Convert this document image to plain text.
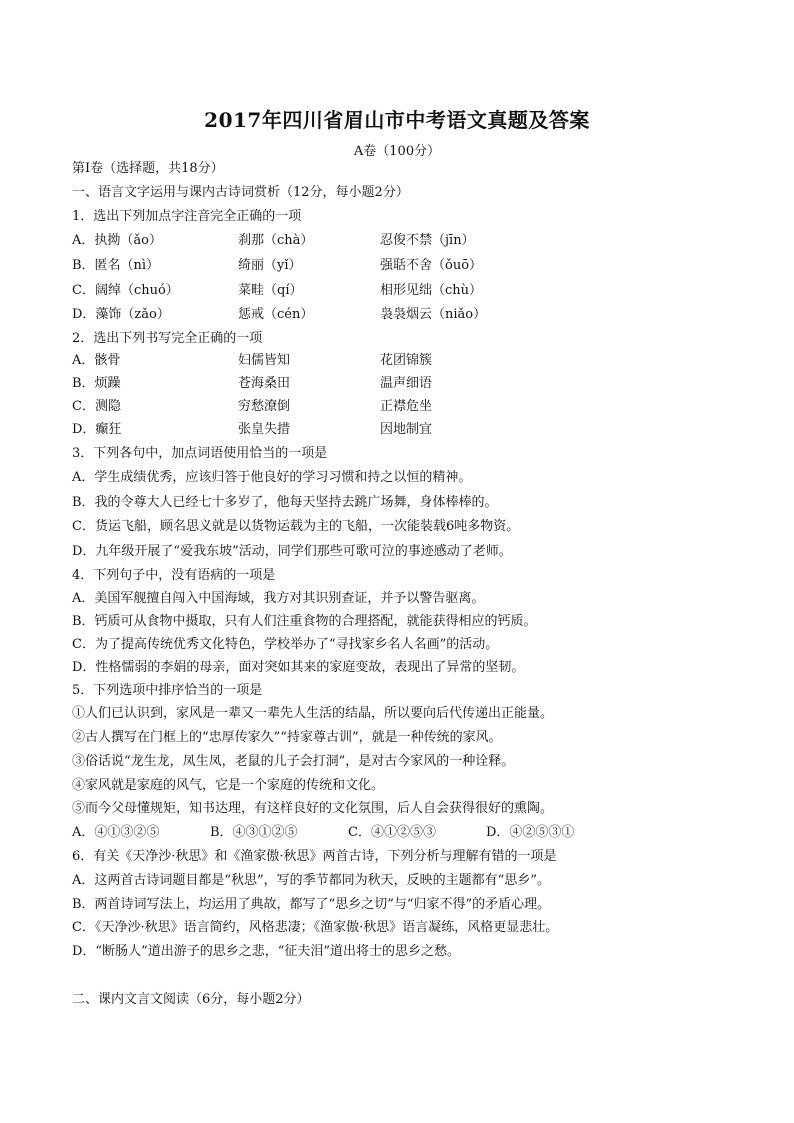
2017年四川省眉山市中考语文真题及答案
A卷（100分）
第Ⅰ卷（选择题，共18分）
一、语言文字运用与课内古诗词赏析（12分，每小题2分）
1．选出下列加点字注音完全正确的一项
A．执拗（ǎo）	刹那（chà）	忍俊不禁（jīn）
B．匿名（nì）	绮丽（yǐ）	强聒不舍（ǒuō）
C．阔绰（chuó）	菜畦（qí）	相形见绌（chù）
D．藻饰（zǎo）	惩戒（cén）	袅袅烟云（niǎo）
2．选出下列书写完全正确的一项
A．骸骨	妇儒皆知	花团锦簇
B．烦躁	苍海桑田	温声细语
C．测隐	穷愁潦倒	正襟危坐
D．癫狂	张皇失措	因地制宜
3．下列各句中，加点词语使用恰当的一项是
A．学生成绩优秀，应该归答于他良好的学习习惯和持之以恒的精神。
B．我的令尊大人已经七十多岁了，他每天坚持去跳广场舞，身体棒棒的。
C．货运飞船，顾名思义就是以货物运载为主的飞船，一次能装载6吨多物资。
D．九年级开展了“爱我东坡”活动，同学们那些可歌可泣的事迹感动了老师。
4．下列句子中，没有语病的一项是
A．美国军舰擅自闯入中国海域，我方对其识别查证，并予以警告驱离。
B．钙质可从食物中摄取，只有人们注重食物的合理搭配，就能获得相应的钙质。
C．为了提高传统优秀文化特色，学校举办了“寻找家乡名人名画”的活动。
D．性格懦弱的李娟的母亲，面对突如其来的家庭变故，表现出了异常的坚韧。
5．下列选项中排序恰当的一项是
①人们已认识到，家风是一辈又一辈先人生活的结晶，所以要向后代传递出正能量。
②古人撰写在门框上的“忠厚传家久”“持家尊古训”，就是一种传统的家风。
③俗话说“龙生龙，凤生凤，老鼠的儿子会打洞”，是对古今家风的一种诠释。
④家风就是家庭的风气，它是一个家庭的传统和文化。
⑤而今父母懂规矩，知书达理，有这样良好的文化氛围，后人自会获得很好的熏陶。
A．④①③②⑤	B．④③①②⑤	C．④①②⑤③	D．④②⑤③①
6．有关《天净沙·秋思》和《渔家傲·秋思》两首古诗，下列分析与理解有错的一项是
A．这两首古诗词题目都是“秋思”，写的季节都同为秋天，反映的主题都有“思乡”。
B．两首诗词写法上，均运用了典故，都写了“思乡之切”与“归家不得”的矛盾心理。
C．《天净沙·秋思》语言简约，风格悲凄；《渔家傲·秋思》语言凝练，风格更显悲壮。
D．“断肠人”道出游子的思乡之悲，“征夫泪”道出将士的思乡之愁。
二、课内文言文阅读（6分，每小题2分）
